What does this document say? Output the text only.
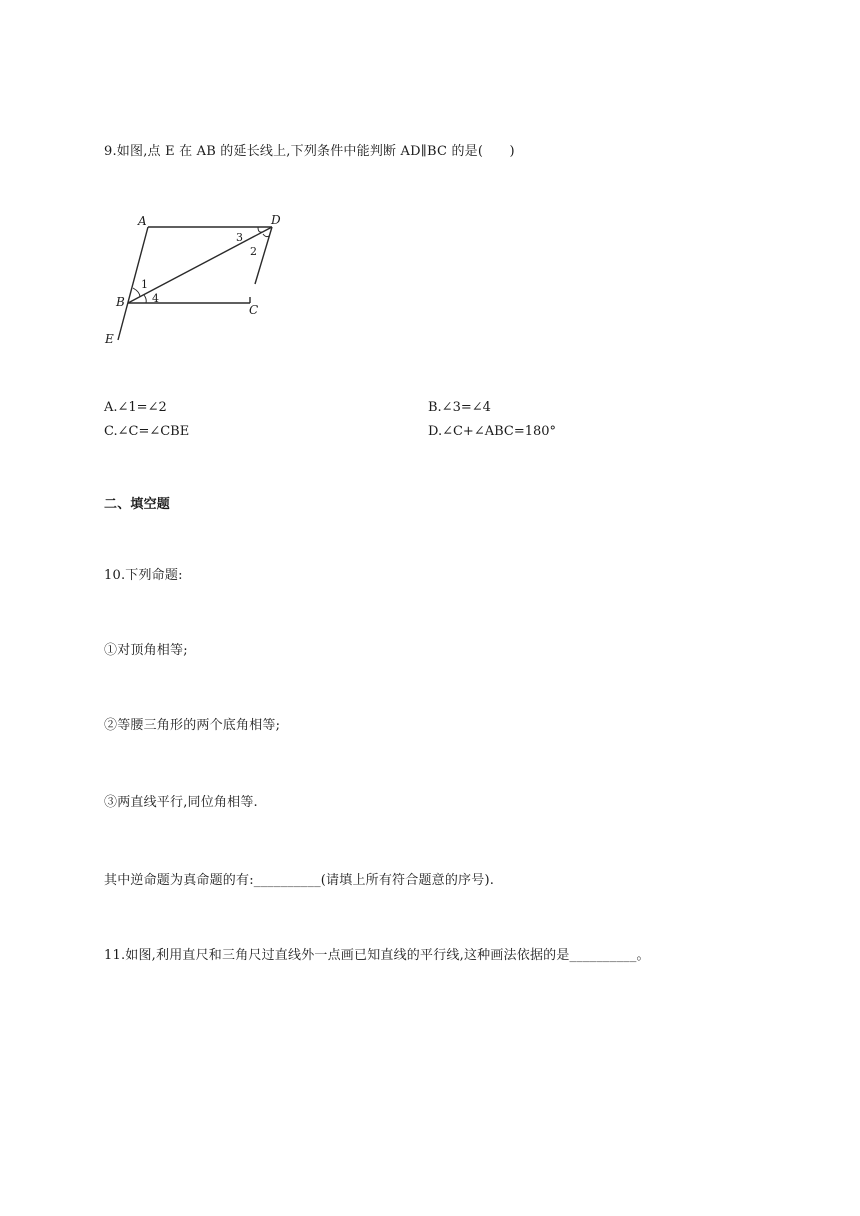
9.如图,点 E 在 AB 的延长线上,下列条件中能判断 AD∥BC 的是(　　)
A	D
B
C
E
1
2
3
4
A.∠1=∠2	B.∠3=∠4
C.∠C=∠CBE	D.∠C+∠ABC=180°
二、填空题
10.下列命题:
①对顶角相等;
②等腰三角形的两个底角相等;
③两直线平行,同位角相等.
其中逆命题为真命题的有:__________(请填上所有符合题意的序号).
11.如图,利用直尺和三角尺过直线外一点画已知直线的平行线,这种画法依据的是__________。
